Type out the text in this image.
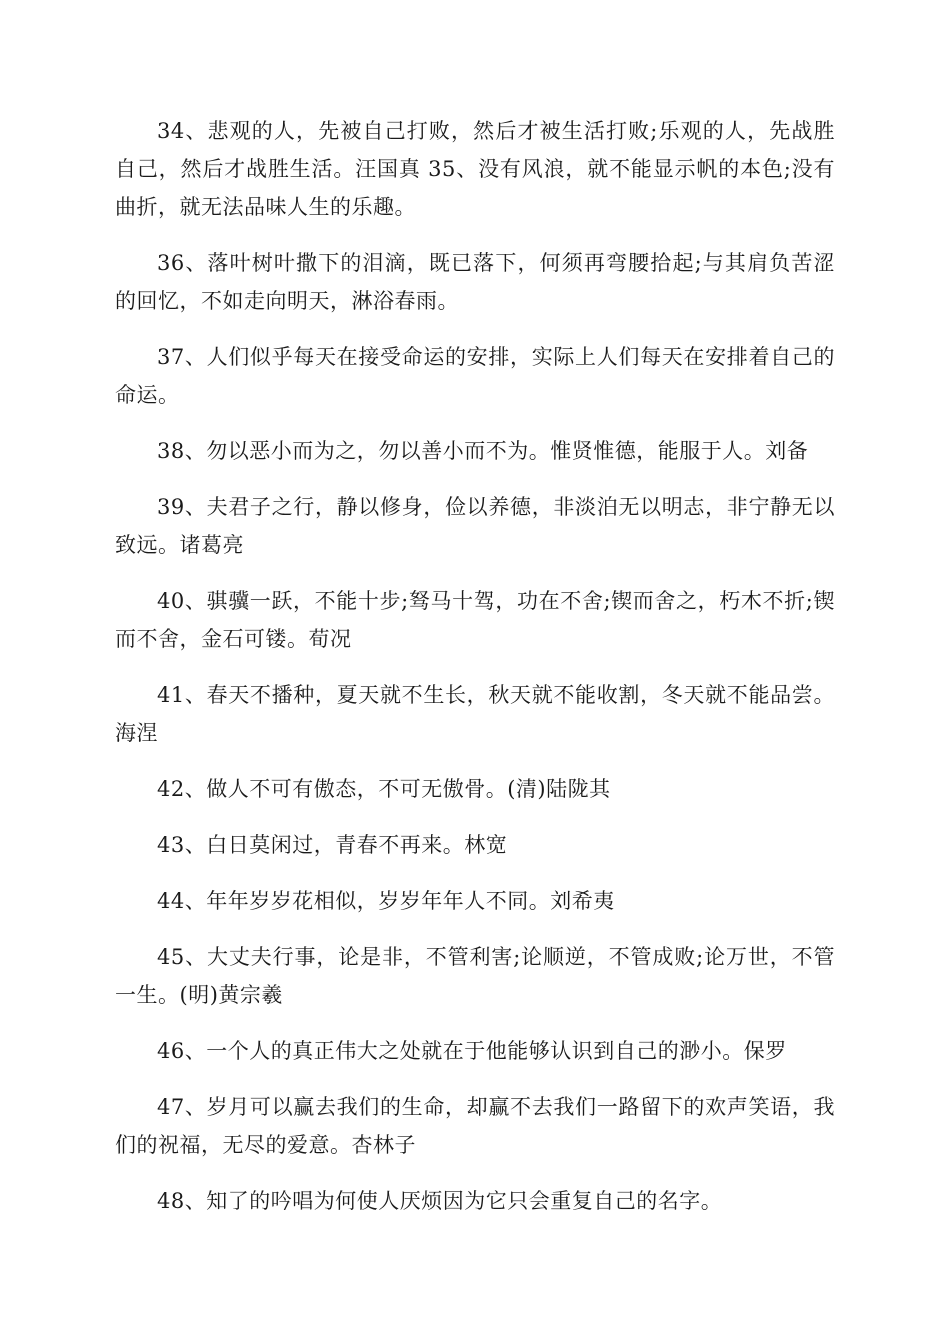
34、悲观的人，先被自己打败，然后才被生活打败;乐观的人，先战胜自己，然后才战胜生活。汪国真 35、没有风浪，就不能显示帆的本色;没有曲折，就无法品味人生的乐趣。

36、落叶树叶撒下的泪滴，既已落下，何须再弯腰拾起;与其肩负苦涩的回忆，不如走向明天，淋浴春雨。

37、人们似乎每天在接受命运的安排，实际上人们每天在安排着自己的命运。

38、勿以恶小而为之，勿以善小而不为。惟贤惟德，能服于人。刘备

39、夫君子之行，静以修身，俭以养德，非淡泊无以明志，非宁静无以致远。诸葛亮

40、骐骥一跃，不能十步;驽马十驾，功在不舍;锲而舍之，朽木不折;锲而不舍，金石可镂。荀况

41、春天不播种，夏天就不生长，秋天就不能收割，冬天就不能品尝。海涅

42、做人不可有傲态，不可无傲骨。(清)陆陇其

43、白日莫闲过，青春不再来。林宽

44、年年岁岁花相似，岁岁年年人不同。刘希夷

45、大丈夫行事，论是非，不管利害;论顺逆，不管成败;论万世，不管一生。(明)黄宗羲

46、一个人的真正伟大之处就在于他能够认识到自己的渺小。保罗

47、岁月可以赢去我们的生命，却赢不去我们一路留下的欢声笑语，我们的祝福，无尽的爱意。杏林子

48、知了的吟唱为何使人厌烦因为它只会重复自己的名字。
